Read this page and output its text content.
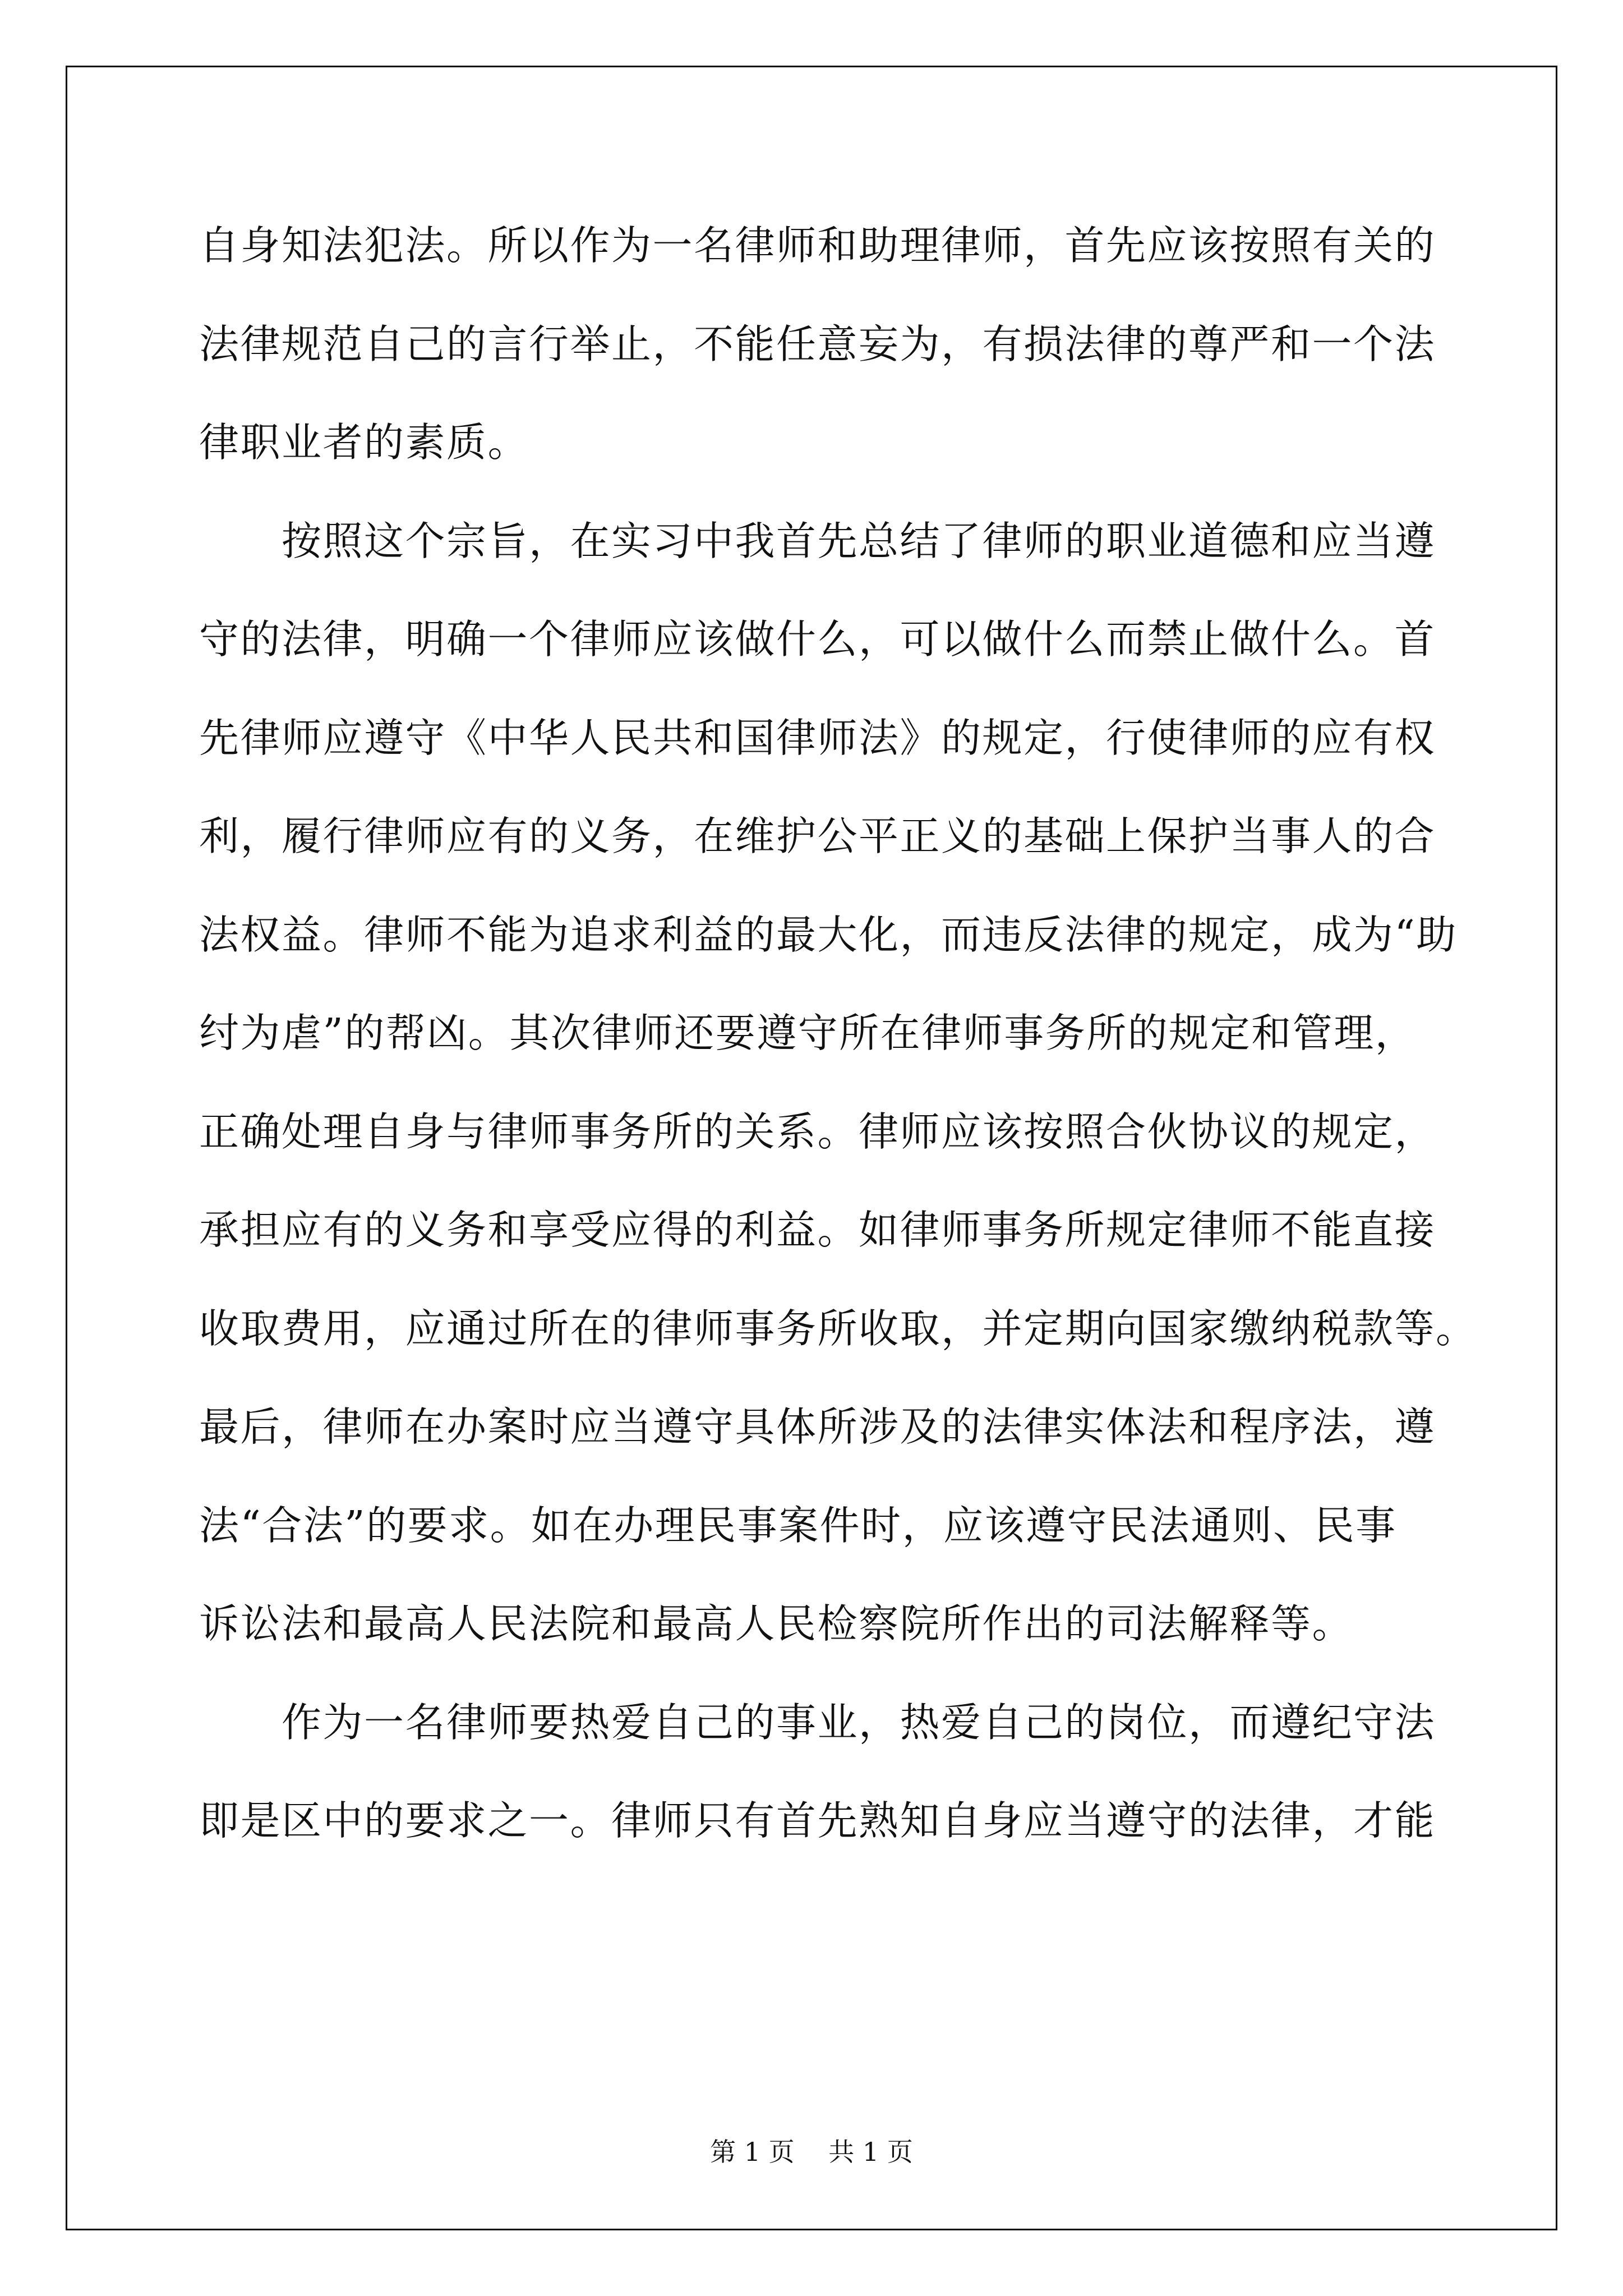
自身知法犯法。所以作为一名律师和助理律师，首先应该按照有关的
法律规范自己的言行举止，不能任意妄为，有损法律的尊严和一个法
律职业者的素质。
　　按照这个宗旨，在实习中我首先总结了律师的职业道德和应当遵
守的法律，明确一个律师应该做什么，可以做什么而禁止做什么。首
先律师应遵守《中华人民共和国律师法》的规定，行使律师的应有权
利，履行律师应有的义务，在维护公平正义的基础上保护当事人的合
法权益。律师不能为追求利益的最大化，而违反法律的规定，成为“助
纣为虐”的帮凶。其次律师还要遵守所在律师事务所的规定和管理，
正确处理自身与律师事务所的关系。律师应该按照合伙协议的规定，
承担应有的义务和享受应得的利益。如律师事务所规定律师不能直接
收取费用，应通过所在的律师事务所收取，并定期向国家缴纳税款等。
最后，律师在办案时应当遵守具体所涉及的法律实体法和程序法，遵
法“合法”的要求。如在办理民事案件时，应该遵守民法通则、民事
诉讼法和最高人民法院和最高人民检察院所作出的司法解释等。
　　作为一名律师要热爱自己的事业，热爱自己的岗位，而遵纪守法
即是区中的要求之一。律师只有首先熟知自身应当遵守的法律，才能
第 1 页　 共 1 页
